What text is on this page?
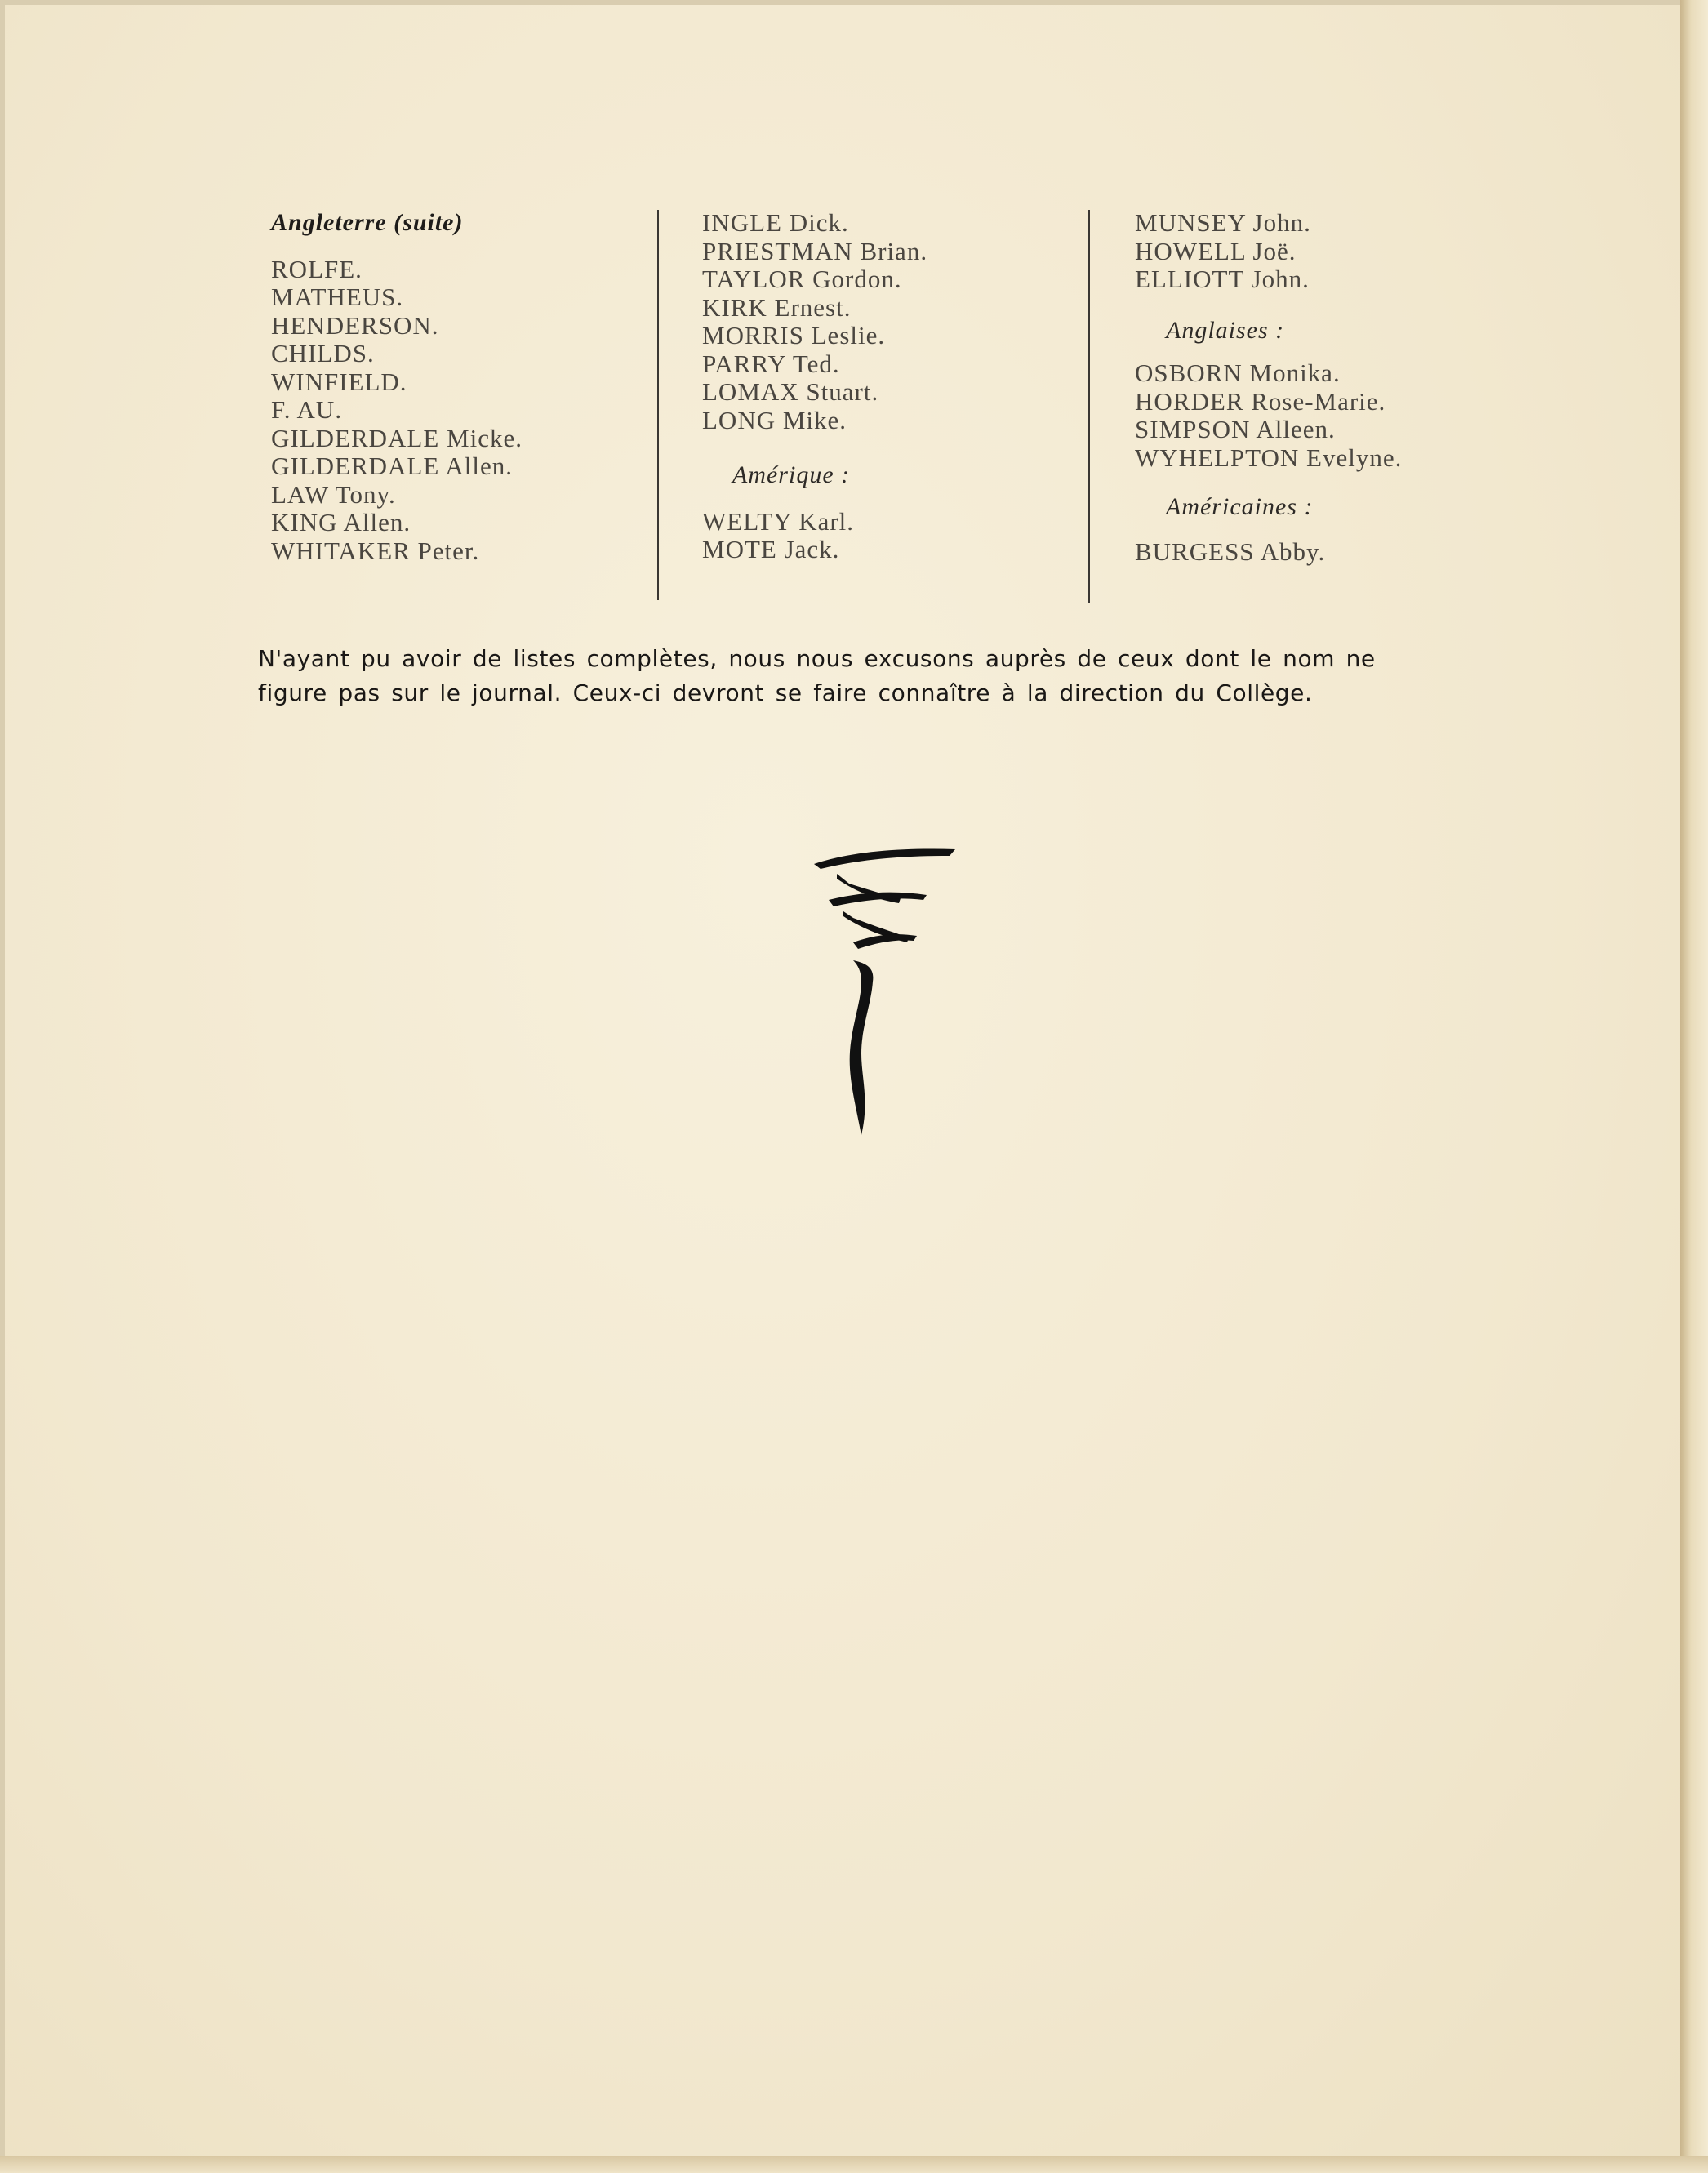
Angleterre (suite)
ROLFE.
MATHEUS.
HENDERSON.
CHILDS.
WINFIELD.
F. AU.
GILDERDALE Micke.
GILDERDALE Allen.
LAW Tony.
KING Allen.
WHITAKER Peter.
INGLE Dick.
PRIESTMAN Brian.
TAYLOR Gordon.
KIRK Ernest.
MORRIS Leslie.
PARRY Ted.
LOMAX Stuart.
LONG Mike.
Amérique :
WELTY Karl.
MOTE Jack.
MUNSEY John.
HOWELL Joë.
ELLIOTT John.
Anglaises :
OSBORN Monika.
HORDER Rose-Marie.
SIMPSON Alleen.
WYHELPTON Evelyne.
Américaines :
BURGESS Abby.
N'ayant pu avoir de listes complètes, nous nous excusons auprès de ceux dont le nom ne
figure pas sur le journal. Ceux-ci devront se faire connaître à la direction du Collège.
